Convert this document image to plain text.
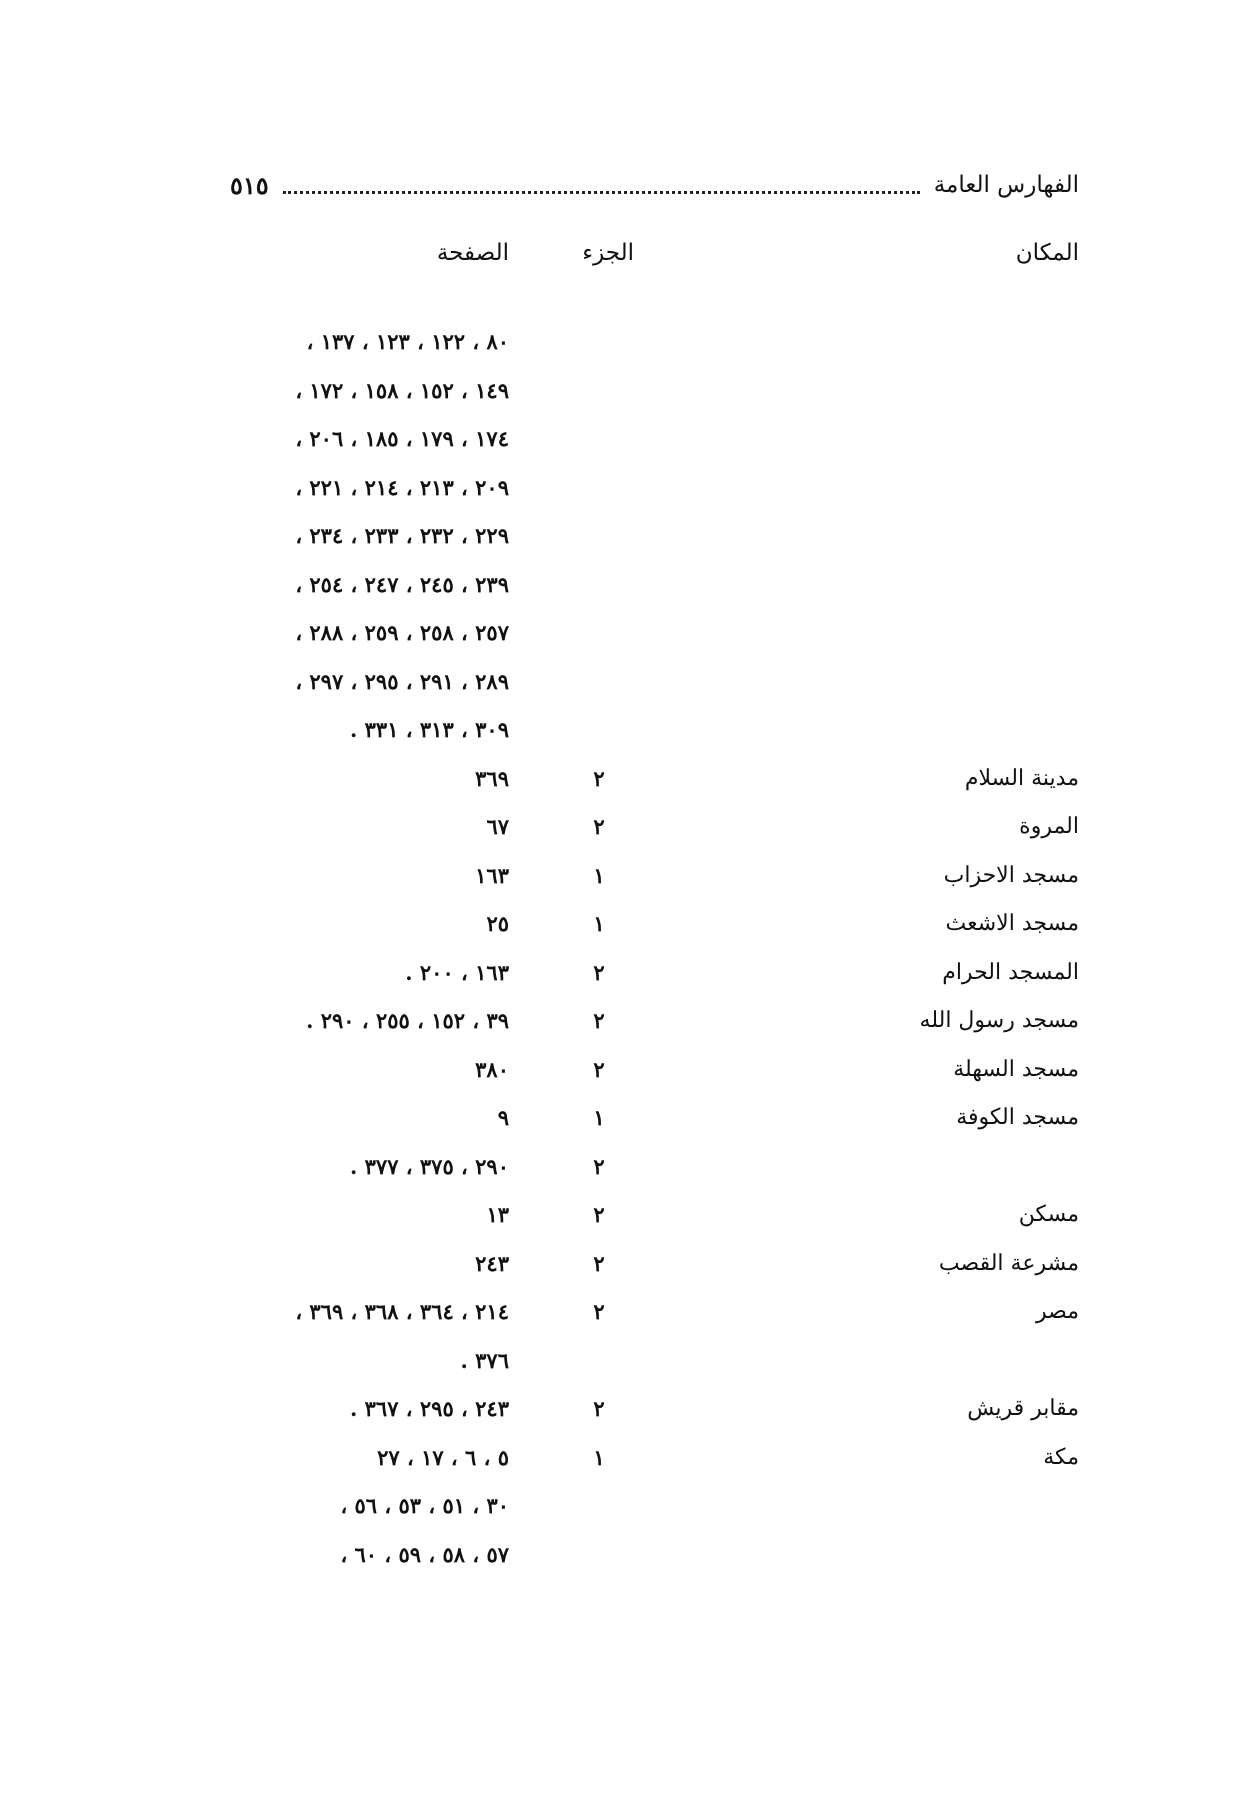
الفهارس العامة
٥١٥
المكان
الجزء
الصفحة
٨٠ ، ١٢٢ ، ١٢٣ ، ١٣٧ ،
١٤٩ ، ١٥٢ ، ١٥٨ ، ١٧٢ ،
١٧٤ ، ١٧٩ ، ١٨٥ ، ٢٠٦ ،
٢٠٩ ، ٢١٣ ، ٢١٤ ، ٢٢١ ،
٢٢٩ ، ٢٣٢ ، ٢٣٣ ، ٢٣٤ ،
٢٣٩ ، ٢٤٥ ، ٢٤٧ ، ٢٥٤ ،
٢٥٧ ، ٢٥٨ ، ٢٥٩ ، ٢٨٨ ،
٢٨٩ ، ٢٩١ ، ٢٩٥ ، ٢٩٧ ،
٣٠٩ ، ٣١٣ ، ٣٣١ .
مدينة السلام
٢
٣٦٩
المروة
٢
٦٧
مسجد الاحزاب
١
١٦٣
مسجد الاشعث
١
٢٥
المسجد الحرام
٢
١٦٣ ، ٢٠٠ .
مسجد رسول الله
٢
٣٩ ، ١٥٢ ، ٢٥٥ ، ٢٩٠ .
مسجد السهلة
٢
٣٨٠
مسجد الكوفة
١
٩
٢
٢٩٠ ، ٣٧٥ ، ٣٧٧ .
مسكن
٢
١٣
مشرعة القصب
٢
٢٤٣
مصر
٢
٢١٤ ، ٣٦٤ ، ٣٦٨ ، ٣٦٩ ،
٣٧٦ .
مقابر قريش
٢
٢٤٣ ، ٢٩٥ ، ٣٦٧ .
مكة
١
٥ ، ٦ ، ١٧ ، ٢٧
٣٠ ، ٥١ ، ٥٣ ، ٥٦ ،
٥٧ ، ٥٨ ، ٥٩ ، ٦٠ ،
